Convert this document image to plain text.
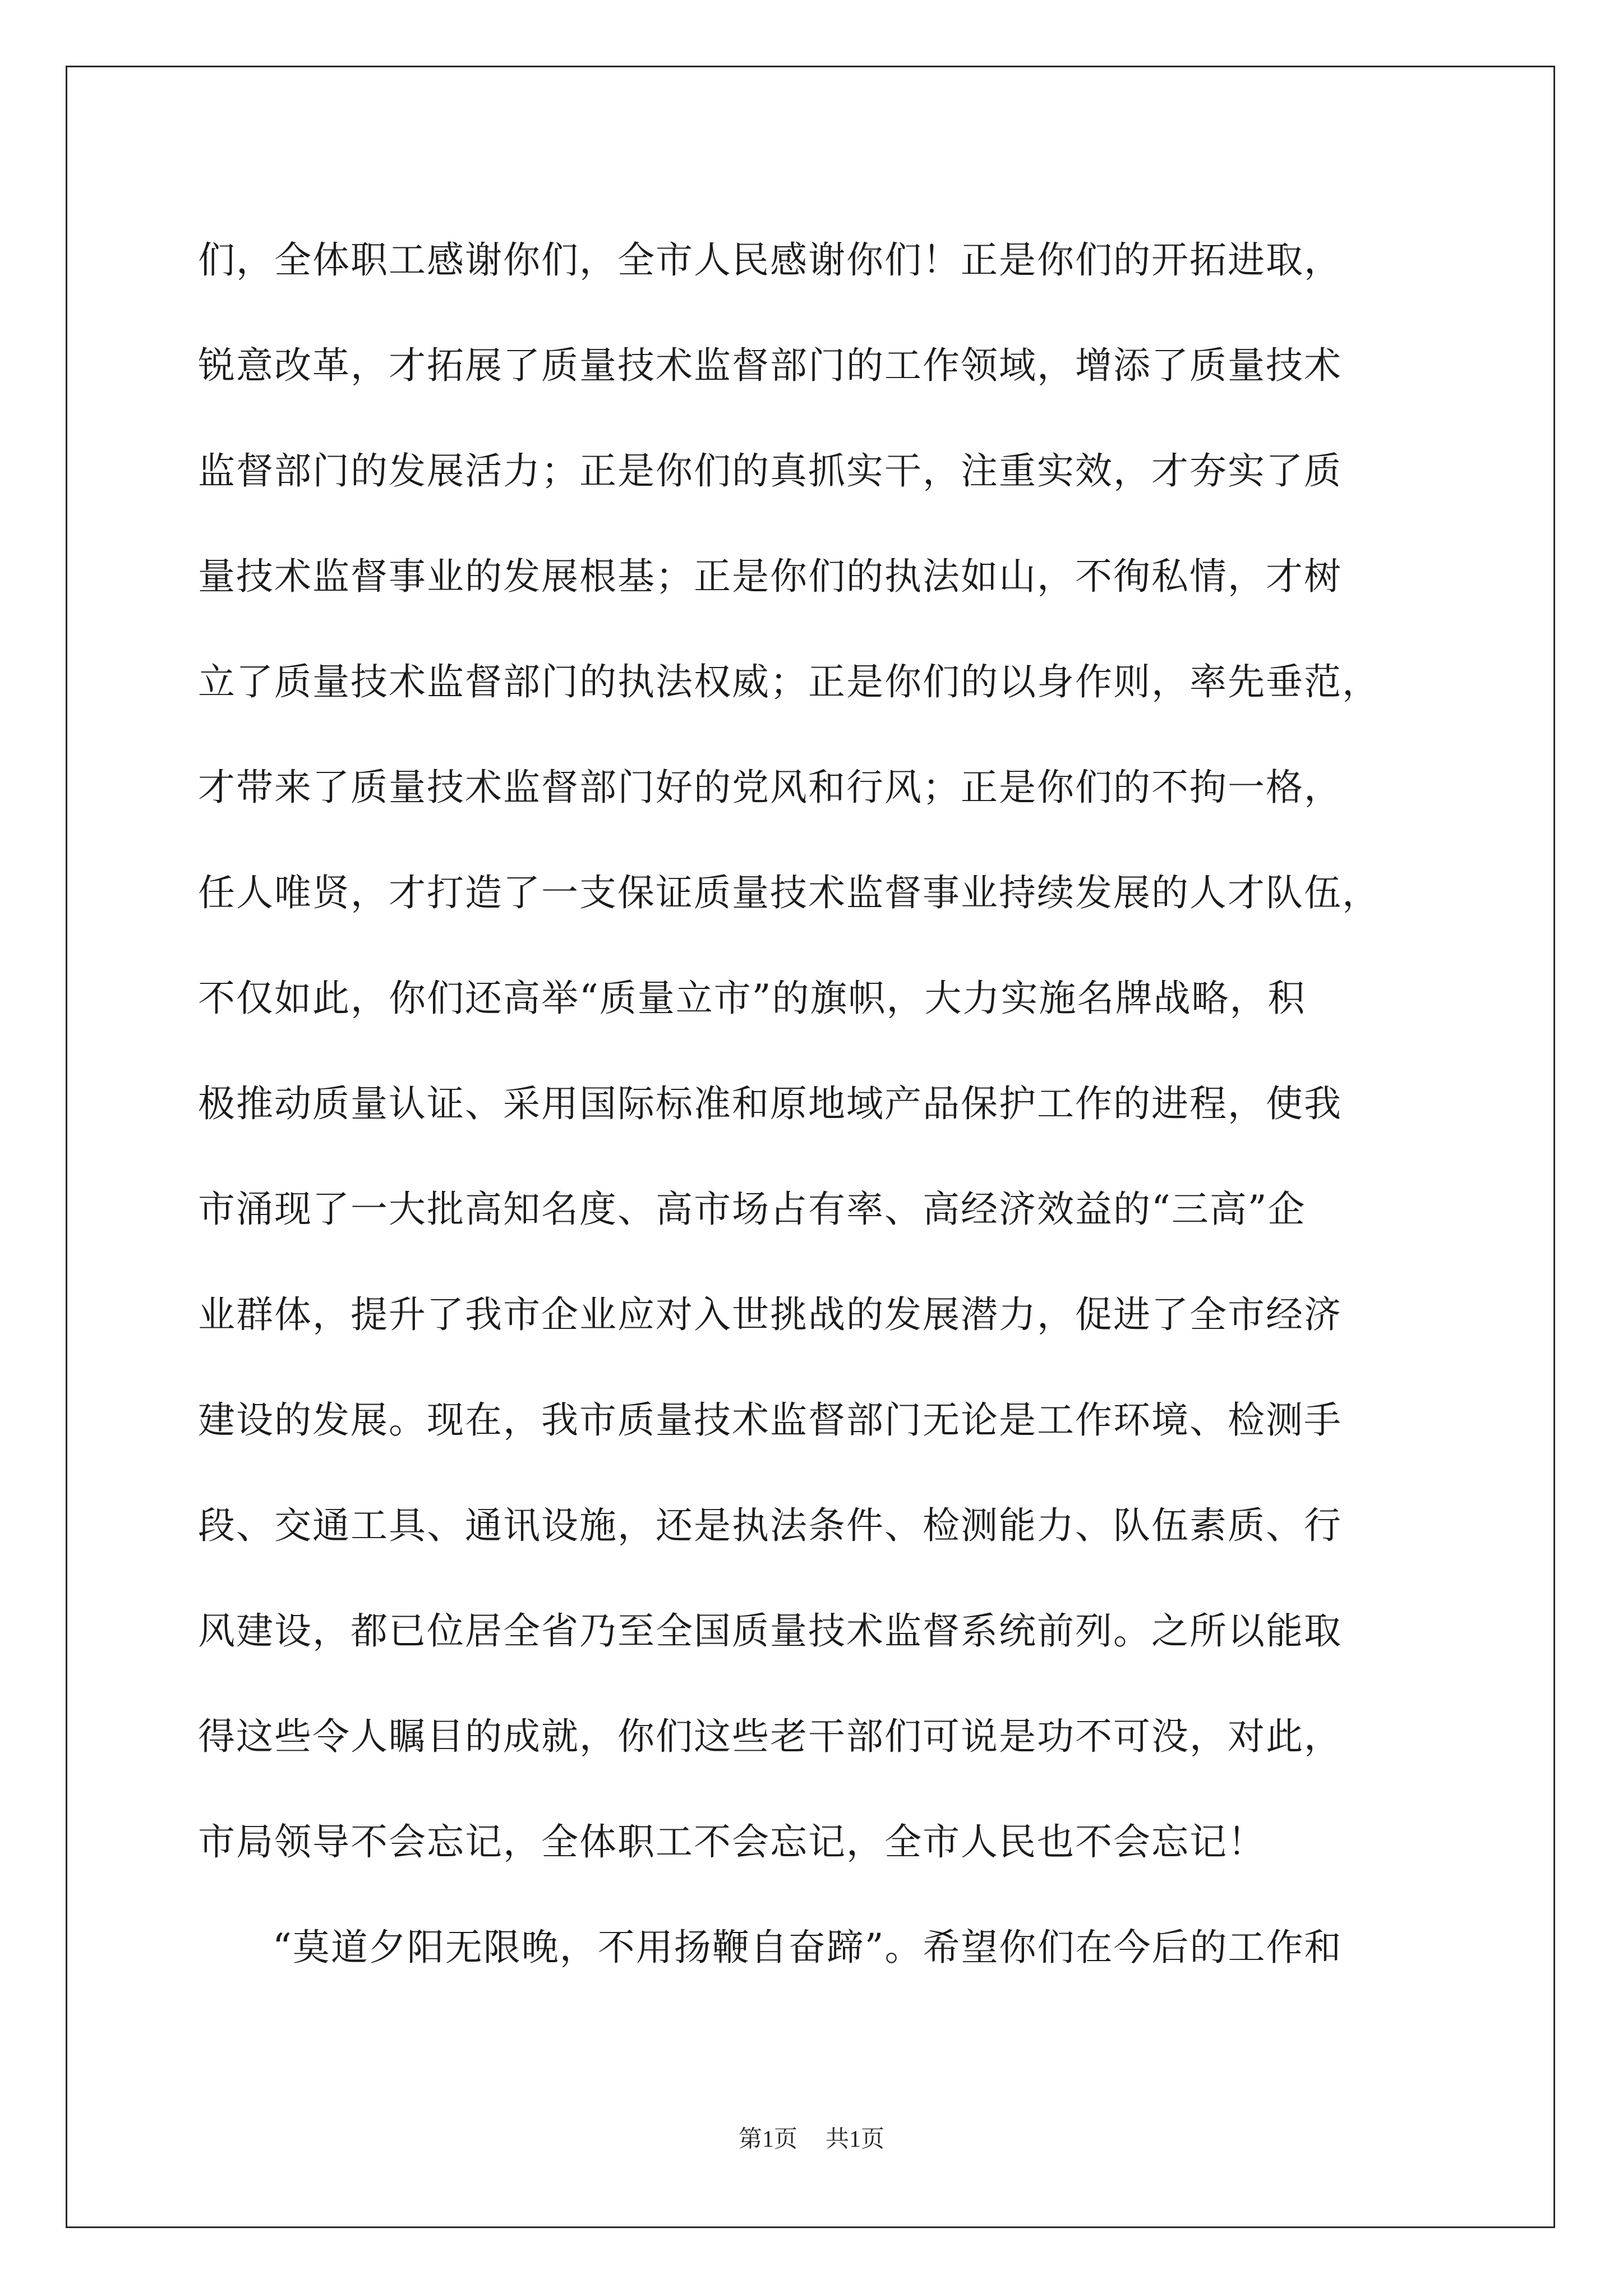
们，全体职工感谢你们，全市人民感谢你们！正是你们的开拓进取，
锐意改革，才拓展了质量技术监督部门的工作领域，增添了质量技术
监督部门的发展活力；正是你们的真抓实干，注重实效，才夯实了质
量技术监督事业的发展根基；正是你们的执法如山，不徇私情，才树
立了质量技术监督部门的执法权威；正是你们的以身作则，率先垂范，
才带来了质量技术监督部门好的党风和行风；正是你们的不拘一格，
任人唯贤，才打造了一支保证质量技术监督事业持续发展的人才队伍，
不仅如此，你们还高举“质量立市”的旗帜，大力实施名牌战略，积
极推动质量认证、采用国际标准和原地域产品保护工作的进程，使我
市涌现了一大批高知名度、高市场占有率、高经济效益的“三高”企
业群体，提升了我市企业应对入世挑战的发展潜力，促进了全市经济
建设的发展。现在，我市质量技术监督部门无论是工作环境、检测手
段、交通工具、通讯设施，还是执法条件、检测能力、队伍素质、行
风建设，都已位居全省乃至全国质量技术监督系统前列。之所以能取
得这些令人瞩目的成就，你们这些老干部们可说是功不可没，对此，
市局领导不会忘记，全体职工不会忘记，全市人民也不会忘记！
“莫道夕阳无限晚，不用扬鞭自奋蹄”。希望你们在今后的工作和
第1页 共1页
